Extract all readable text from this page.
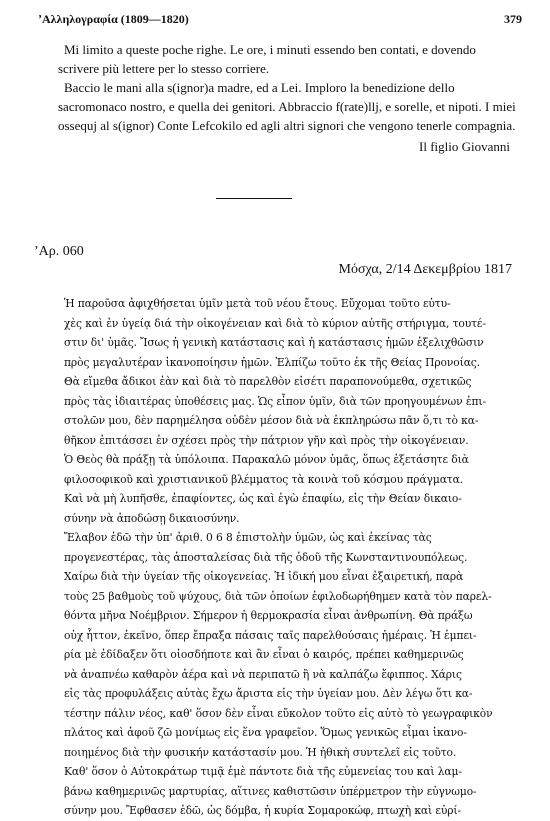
ʼΑλληλογραφία (1809—1820)	379

Mi limito a queste poche righe. Le ore, i minuti essendo ben contati, e dovendo scrivere più lettere per lo stesso corriere.

Baccio le mani alla s(ignor)a madre, ed a Lei. Imploro la benedizione dello sacromonaco nostro, e quella dei genitori. Abbraccio f(rate)llj, e sorelle, et nipoti. I miei ossequj al s(ignor) Conte Lefcokilo ed agli altri signori che vengono tenerle compagnia.

Il figlio Giovanni

ʼΑρ. 060
Μόσχα, 2/14 Δεκεμβρίου 1817
Ἡ παροῦσα ἀφιχθήσεται ὑμῖν μετὰ τοῦ νέου ἔτους. Εὔχομαι τοῦτο εὐτυ-
χὲς καὶ ἐν ὑγείᾳ διά τὴν οἰκογένειαν καὶ διὰ τὸ κύριον αὐτῆς στήριγμα, τουτέ-
στιν δι' ὑμᾶς. Ἴσως ἡ γενικὴ κατάστασις καὶ ἡ κατάστασις ἡμῶν ἐξελιχθῶσιν
πρὸς μεγαλυτέραν ἱκανοποίησιν ἡμῶν. Ἐλπίζω τοῦτο ἐκ τῆς Θείας Προνοίας.
Θὰ εἴμεθα ἄδικοι ἐὰν καὶ διὰ τὸ παρελθὸν εἰσέτι παραπονούμεθα, σχετικῶς
πρὸς τὰς ἰδιαιτέρας ὑποθέσεις μας. Ὡς εἶπον ὑμῖν, διὰ τῶν προηγουμένων ἐπι-
στολῶν μου, δὲν παρημέλησα οὐδὲν μέσον διὰ νὰ ἐκπληρώσω πᾶν ὅ,τι τὸ κα-
θῆκον ἐπιτάσσει ἐν σχέσει πρὸς τὴν πάτριον γῆν καὶ πρὸς τὴν οἰκογένειαν.
Ὁ Θεὸς θὰ πράξῃ τὰ ὑπόλοιπα. Παρακαλῶ μόνον ὑμᾶς, ὅπως ἐξετάσητε διὰ
φιλοσοφικοῦ καὶ χριστιανικοῦ βλέμματος τὰ κοινὰ τοῦ κόσμου πράγματα.
Καὶ νὰ μὴ λυπῆσθε, ἐπαφίοντες, ὡς καὶ ἐγὼ ἐπαφίω, εἰς τὴν Θείαν δικαιο-
σύνην νὰ ἀποδώσῃ δικαιοσύνην.
Ἔλαβον ἐδῶ τὴν ὑπ' ἀριθ. 0 6 8 ἐπιστολὴν ὑμῶν, ὡς καὶ ἐκείνας τὰς
προγενεστέρας, τὰς ἀποσταλείσας διὰ τῆς ὁδοῦ τῆς Κωνσταντινουπόλεως.
Χαίρω διὰ τὴν ὑγείαν τῆς οἰκογενείας. Ἡ ἰδική μου εἶναι ἐξαιρετική, παρὰ
τοὺς 25 βαθμοὺς τοῦ ψύχους, διὰ τῶν ὁποίων ἐφιλοδωρήθημεν κατὰ τὸν παρελ-
θόντα μῆνα Νοέμβριον. Σήμερον ἡ θερμοκρασία εἶναι ἀνθρωπίνη. Θὰ πράξω
οὐχ ἧττον, ἐκεῖνο, ὅπερ ἔπραξα πάσαις ταῖς παρελθούσαις ἡμέραις. Ἡ ἐμπει-
ρία μὲ ἐδίδαξεν ὅτι οἱοσδήποτε καὶ ἂν εἶναι ὁ καιρός, πρέπει καθημερινῶς
νὰ ἀναπνέω καθαρὸν ἀέρα καὶ νὰ περιπατῶ ἢ νὰ καλπάζω ἔφιππος. Χάρις
εἰς τὰς προφυλάξεις αὐτὰς ἔχω ἄριστα εἰς τὴν ὑγείαν μου. Δὲν λέγω ὅτι κα-
τέστην πάλιν νέος, καθ' ὅσον δὲν εἶναι εὔκολον τοῦτο εἰς αὐτὸ τὸ γεωγραφικὸν
πλάτος καὶ ἀφοῦ ζῶ μονίμως εἰς ἕνα γραφεῖον. Ὅμως γενικῶς εἶμαι ἱκανο-
ποιημένος διὰ τὴν φυσικήν κατάστασίν μου. Ἡ ἠθικὴ συντελεῖ εἰς τοῦτο.
Καθ' ὅσον ὁ Αὐτοκράτωρ τιμᾷ ἐμὲ πάντοτε διὰ τῆς εὐμενείας του καὶ λαμ-
βάνω καθημερινῶς μαρτυρίας, αἵτινες καθιστῶσιν ὑπέρμετρον τὴν εὐγνωμο-
σύνην μου. Ἔφθασεν ἐδῶ, ὡς δόμβα, ἡ κυρία Σομαροκώφ, πτωχὴ καὶ εὐρί-
